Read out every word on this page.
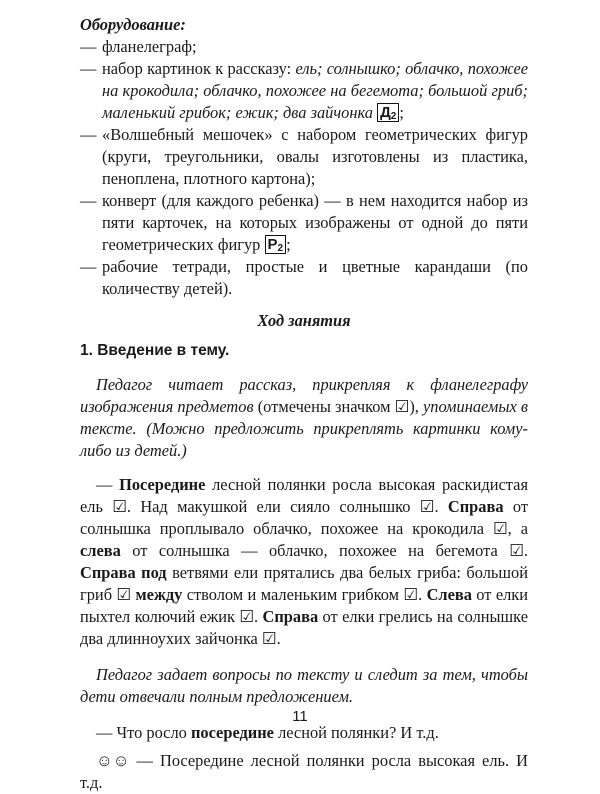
Оборудование:
— фланелеграф;
— набор картинок к рассказу: ель; солнышко; облачко, похожее на крокодила; облачко, похожее на бегемота; большой гриб; маленький грибок; ежик; два зайчонка $Д_2$ ;
— «Волшебный мешочек» с набором геометрических фигур (круги, треугольники, овалы изготовлены из пластика, пеноплена, плотного картона);
— конверт (для каждого ребенка) — в нем находится набор из пяти карточек, на которых изображены от одной до пяти геометрических фигур $Р_2$ ;
— рабочие тетради, простые и цветные карандаши (по количеству детей).
Ход занятия
1. Введение в тему.
Педагог читает рассказ, прикрепляя к фланелеграфу изображения предметов (отмечены значком ☑), упоминаемых в тексте. (Можно предложить прикреплять картинки кому-либо из детей.)
— Посередине лесной полянки росла высокая раскидистая ель ☑. Над макушкой ели сияло солнышко ☑. Справа от солнышка проплывало облачко, похожее на крокодила ☑, а слева от солнышка — облачко, похожее на бегемота ☑. Справа под ветвями ели прятались два белых гриба: большой гриб ☑ между стволом и маленьким грибком ☑. Слева от елки пыхтел колючий ежик ☑. Справа от елки грелись на солнышке два длинноухих зайчонка ☑.
Педагог задает вопросы по тексту и следит за тем, чтобы дети отвечали полным предложением.
— Что росло посередине лесной полянки? И т.д.
☺☺ — Посередине лесной полянки росла высокая ель. И т.д.
11
